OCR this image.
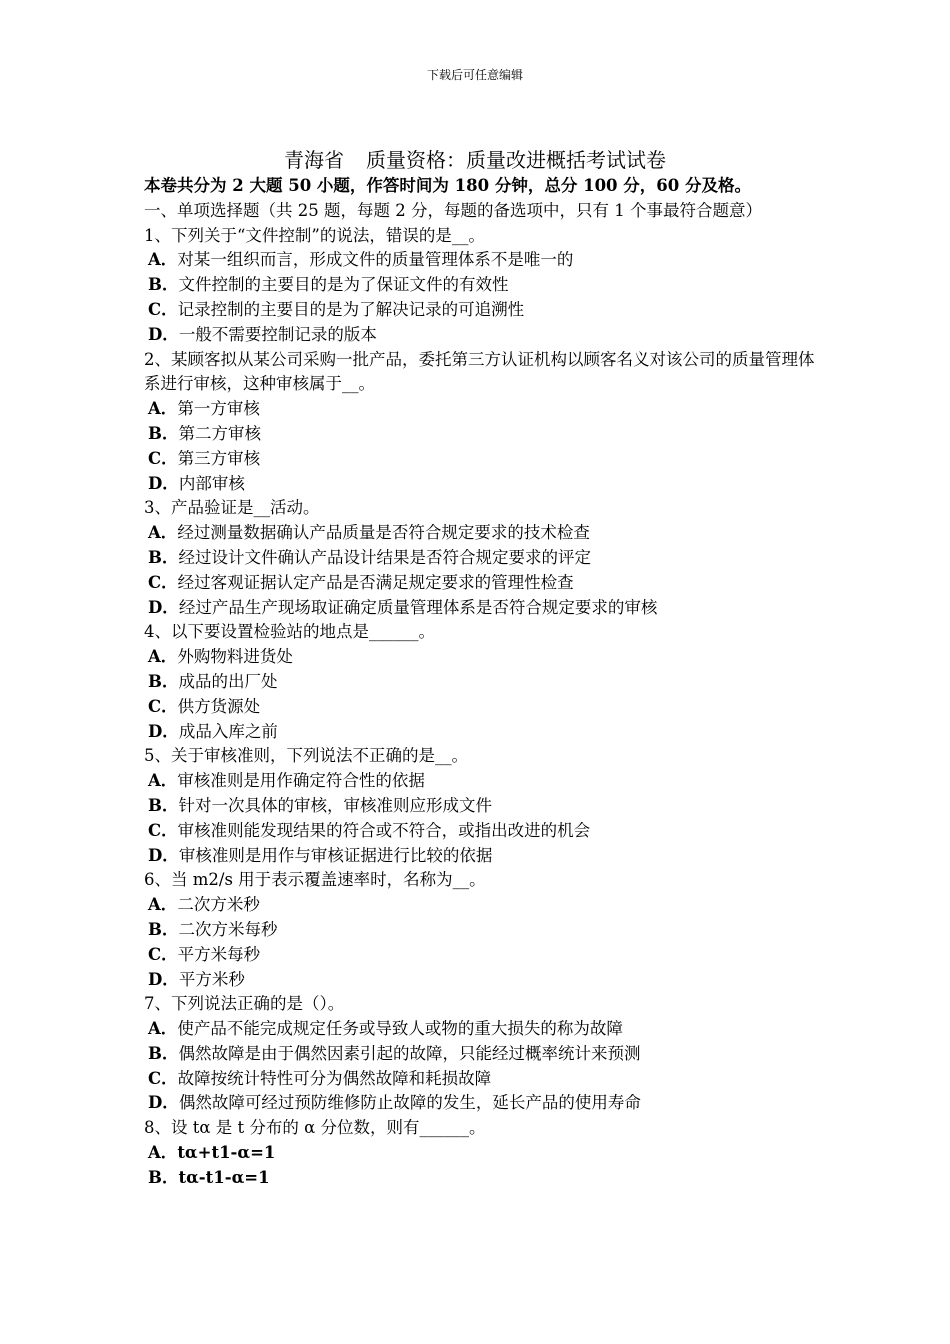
下载后可任意编辑
青海省 质量资格：质量改进概括考试试卷
本卷共分为 2 大题 50 小题，作答时间为 180 分钟，总分 100 分，60 分及格。
一、单项选择题（共 25 题，每题 2 分，每题的备选项中，只有 1 个事最符合题意）
1、下列关于“文件控制”的说法，错误的是__。
A．对某一组织而言，形成文件的质量管理体系不是唯一的
B．文件控制的主要目的是为了保证文件的有效性
C．记录控制的主要目的是为了解决记录的可追溯性
D．一般不需要控制记录的版本
2、某顾客拟从某公司采购一批产品，委托第三方认证机构以顾客名义对该公司的质量管理体系进行审核，这种审核属于__。
A．第一方审核
B．第二方审核
C．第三方审核
D．内部审核
3、产品验证是__活动。
A．经过测量数据确认产品质量是否符合规定要求的技术检查
B．经过设计文件确认产品设计结果是否符合规定要求的评定
C．经过客观证据认定产品是否满足规定要求的管理性检查
D．经过产品生产现场取证确定质量管理体系是否符合规定要求的审核
4、以下要设置检验站的地点是______。
A．外购物料进货处
B．成品的出厂处
C．供方货源处
D．成品入库之前
5、关于审核准则，下列说法不正确的是__。
A．审核准则是用作确定符合性的依据
B．针对一次具体的审核，审核准则应形成文件
C．审核准则能发现结果的符合或不符合，或指出改进的机会
D．审核准则是用作与审核证据进行比较的依据
6、当 m2/s 用于表示覆盖速率时，名称为__。
A．二次方米秒
B．二次方米每秒
C．平方米每秒
D．平方米秒
7、下列说法正确的是（）。
A．使产品不能完成规定任务或导致人或物的重大损失的称为故障
B．偶然故障是由于偶然因素引起的故障，只能经过概率统计来预测
C．故障按统计特性可分为偶然故障和耗损故障
D．偶然故障可经过预防维修防止故障的发生，延长产品的使用寿命
8、设 tα 是 t 分布的 α 分位数，则有______。
A．tα+t1-α=1
B．tα-t1-α=1
